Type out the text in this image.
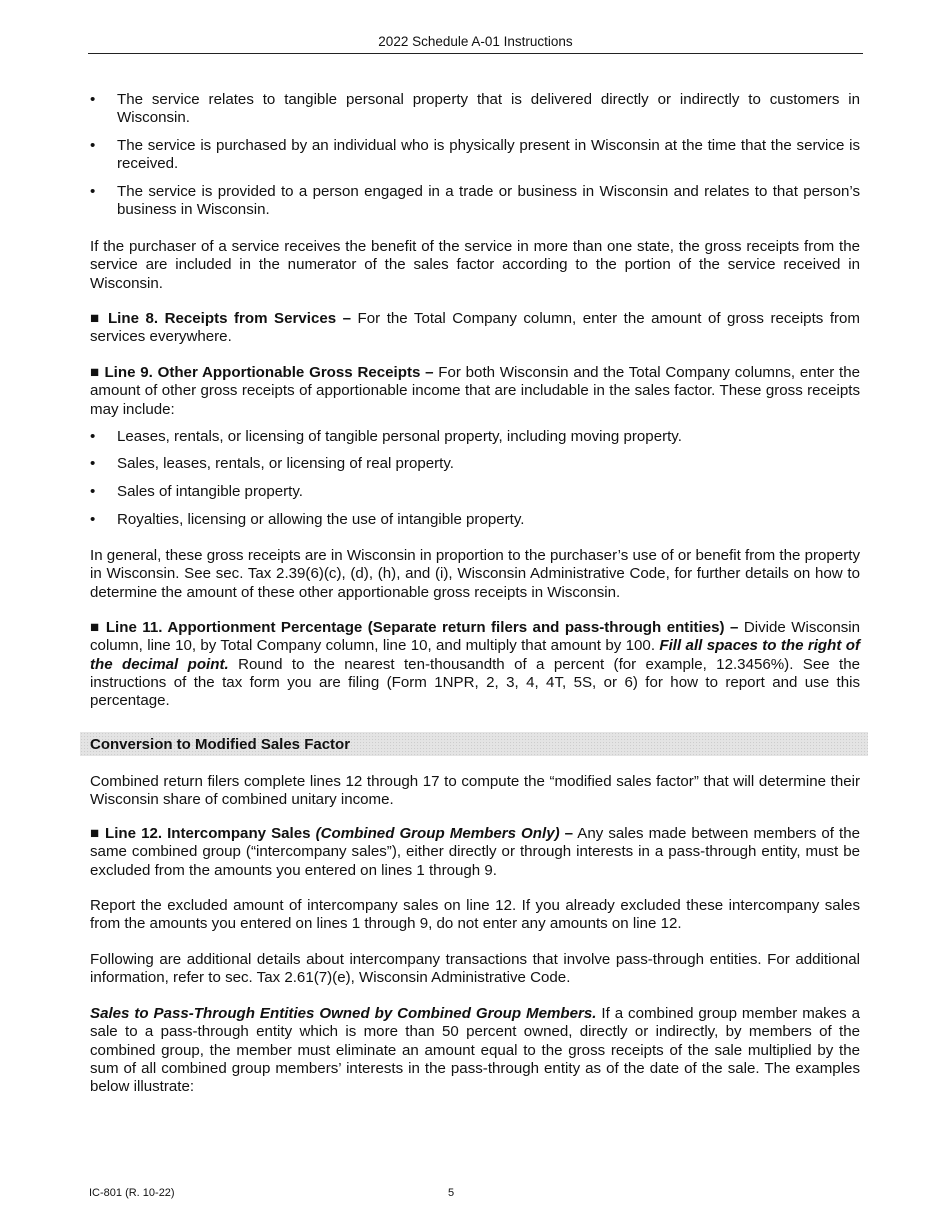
2022 Schedule A-01 Instructions
• The service relates to tangible personal property that is delivered directly or indirectly to customers in Wisconsin.
• The service is purchased by an individual who is physically present in Wisconsin at the time that the service is received.
• The service is provided to a person engaged in a trade or business in Wisconsin and relates to that person’s business in Wisconsin.

If the purchaser of a service receives the benefit of the service in more than one state, the gross receipts from the service are included in the numerator of the sales factor according to the portion of the service received in Wisconsin.

■ Line 8. Receipts from Services – For the Total Company column, enter the amount of gross receipts from services everywhere.

■ Line 9. Other Apportionable Gross Receipts – For both Wisconsin and the Total Company columns, enter the amount of other gross receipts of apportionable income that are includable in the sales factor. These gross receipts may include:

• Leases, rentals, or licensing of tangible personal property, including moving property.
• Sales, leases, rentals, or licensing of real property.
• Sales of intangible property.
• Royalties, licensing or allowing the use of intangible property.

In general, these gross receipts are in Wisconsin in proportion to the purchaser’s use of or benefit from the property in Wisconsin. See sec. Tax 2.39(6)(c), (d), (h), and (i), Wisconsin Administrative Code, for further details on how to determine the amount of these other apportionable gross receipts in Wisconsin.

■ Line 11. Apportionment Percentage (Separate return filers and pass-through entities) – Divide Wisconsin column, line 10, by Total Company column, line 10, and multiply that amount by 100. Fill all spaces to the right of the decimal point. Round to the nearest ten-thousandth of a percent (for example, 12.3456%). See the instructions of the tax form you are filing (Form 1NPR, 2, 3, 4, 4T, 5S, or 6) for how to report and use this percentage.

Conversion to Modified Sales Factor

Combined return filers complete lines 12 through 17 to compute the “modified sales factor” that will determine their Wisconsin share of combined unitary income.

■ Line 12. Intercompany Sales (Combined Group Members Only) – Any sales made between members of the same combined group (“intercompany sales”), either directly or through interests in a pass-through entity, must be excluded from the amounts you entered on lines 1 through 9.

Report the excluded amount of intercompany sales on line 12. If you already excluded these intercompany sales from the amounts you entered on lines 1 through 9, do not enter any amounts on line 12.

Following are additional details about intercompany transactions that involve pass-through entities. For additional information, refer to sec. Tax 2.61(7)(e), Wisconsin Administrative Code.

Sales to Pass-Through Entities Owned by Combined Group Members. If a combined group member makes a sale to a pass-through entity which is more than 50 percent owned, directly or indirectly, by members of the combined group, the member must eliminate an amount equal to the gross receipts of the sale multiplied by the sum of all combined group members’ interests in the pass-through entity as of the date of the sale. The examples below illustrate:

IC-801 (R. 10-22)	5
